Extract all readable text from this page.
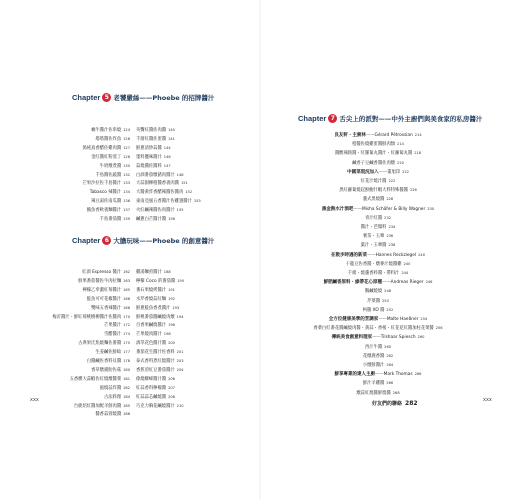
xxx	xxx
Chapter 5 老饕嚴絲——Phoebe 的招牌醬汁
蝸牛醬汁佐串燒 124
塔塔醬佐炸魚 126
偽純真香醋佐雞肉醬 127
金紅醬紅粉蒸丁 128
牛奶燉煮醬 130
千島醬佐蔬醬 132
芒果沙拉佐千島醬汁 133
Tabasco 辣醬汁 134
辣豆湯佐南瓜醬 136
鮪魚香軟義麵醬汁 137
千島番茄醬 139
夾饗紅醬佐肉醬 140
千層紅醬佐蛋醬 141
鮮蔥清炒蒜醬 144
墨料鹽味醬汁 146
蒜燒醬佐醬料 147
白酒番茄燉豬肉醬汁 148
大蒜甜柳橙醬香義肉醬 151
大醬黃炸香醋辣醬佐醬肉 152
東南亞風五香醬汁佐雞翅醬汁 153
火紅鹹辣醬佐肉醬汁 155
鹹蔥白芒醬汁醬 156
Chapter 6 大膽玩味——Phoebe 的創意醬汁
紅酒 Espresso 醬汁 162
鮮果番茄醬佐牛肉拉麵 163
檸檬乙奉濃紅莓醬汁 165
鮭魚可可花椒醬汁 166
雙味五香辣醬汁 168
梅沂醬汁・鮮紅莓桃樹柳醬汁佐醬肉 170
芒果醬汁 172
雪醋醬汁 174
古典果氏焦燒麵佐番醬 175
生姜鹹佐鮮蛤 177
白醬鹹佐香料貝醬 178
香草燉豬肋佐菇 180
五香燻大蒜蝦佐紅燒燉醬菜 181
風燒蒜炸醬 182
古法料理 184
台鹿焙紅醬加配羊鮮肉醬 185
醬香蒜蓉燒醬 186
雞湯麵煎醬汁 188
檸檬 Coco 的番茄醬 190
番石果燒烤醬汁 191
水芹香燒蒜紅麵 192
鮮蔥鮭魚香煮醬汁 193
鮮桃番茄醬鹹燒肉燉 194
百香果鹹燒醬汁 196
芒果燒肉醬汁 198
酒萃花色醬汁醬 200
番茄花生醬汁佐香料 201
泰式香料煮紅燒醬汁 203
香蕉煎紅豆番茄醬汁 204
傣燒酥蜂醬汁醬 206
紅蒜香料檸檬醬 207
紅蒜蒜芯鹹燒醬 208
巧克力胸花鹹燒醬汁 210
Chapter 7 舌尖上的派對——中外主廚們與美食家的私房醬汁
良友軒・主廚林——Gérard Pétrossian 214
橙醬佐燒雞蛋醬鮮肉類 214
醬酸辣熱醬・紅羅蔔丸醬汁・紅蘿蔔丸醬 218
鹹香子豆鹹香醬佐肉燉 220
中國菜現況加入——董旭印 222
紅花汁燒汁醬 222
黑紅蘿蔔燒起鮮鮑什蝦大料特殊醬醬 226
蘆式黑燒醬 228
黑金熱水汁酒吧——Misha Schäfer & Billy Wagner 230
青汁紅醬 232
醬汁・芭燦料 234
薯茶・玉蕈 236
葉汁・玉蕈醬 238
在散步時遇的新菜——Hannes Reckziegel 240
干龍豆佐香醬・燉麥汁燒醬雞 240
千緒・燒蘆香料醬・帶料汁 244
鮮肥鹹香原料・綠帶花心原種——Andreas Rieger 246
鵝鹹燒燒 248
芹菜醬 250
柯黴 XO 醬 252
全方位健康美學的烹調家——Malte Haeßner 254
香菜白紅番花醬鹹燒肉醬・黃蒜・香根・紅花花紅醬加柱花菜醬 256
傳統美食創意料理家——Tilshaar Spiesch 260
西汁牛醬 260
花燉鹿香醬 262
小燉鮮醬汁 264
鮮享專業的達人主廚——Mark Thomas 266
鮮汁羊雞醬 266
燉蒜紅燒醬鮮燒醬 268
好友們的聯絡 282
